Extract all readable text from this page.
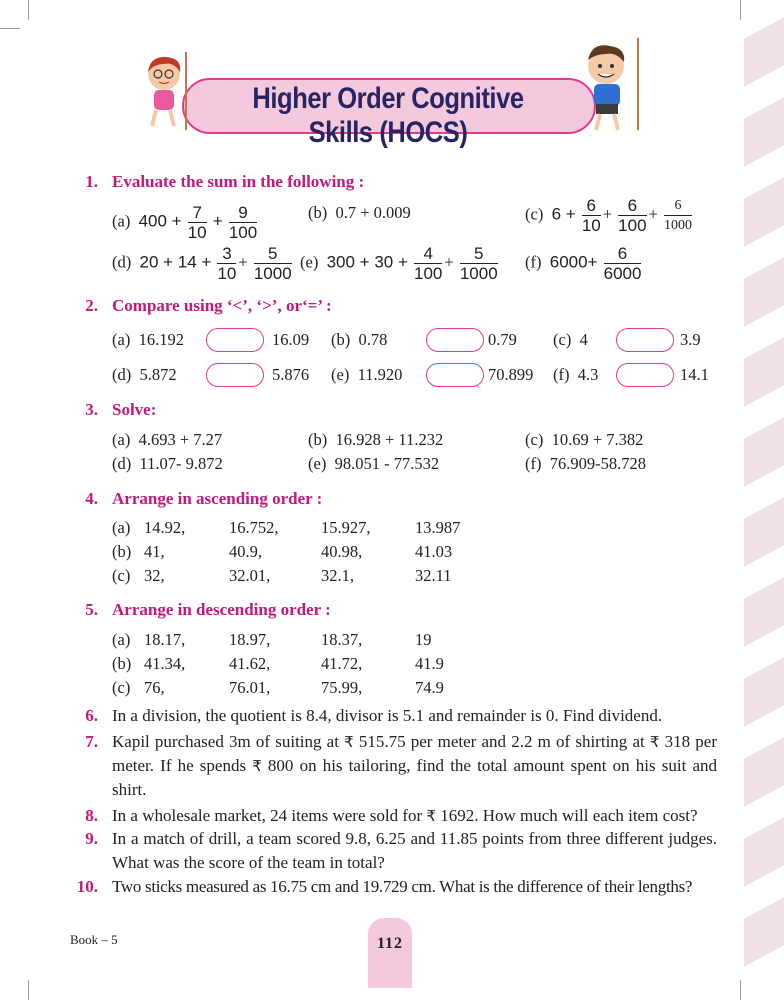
Higher Order Cognitive Skills (HOCS)
1. Evaluate the sum in the following :
(a) $400 + \frac{7}{10} + \frac{9}{100}$	(b) 0.7 + 0.009	(c) $6 + \frac{6}{10} + \frac{6}{100} + \frac{6}{1000}$
(d) $20 + 14 + \frac{3}{10} + \frac{5}{1000} (e) 300 + 30 + \frac{4}{100} + \frac{5}{1000} (f)$ $6000+ \frac{6}{6000}$
2. Compare using ‘<’, ‘>’, or‘=’ :
(a) 16.192	16.09 (b) 0.78	0.79 (c) 4	3.9
(d) 5.872	5.876 (e) 11.920	70.899 (f) 4.3	14.1
3. Solve:
(a) 4.693 + 7.27	(b) 16.928 + 11.232	(c) 10.69 + 7.382
(d) 11.07- 9.872	(e) 98.051 - 77.532	(f) 76.909-58.728
4. Arrange in ascending order :
(a) 14.92,	16.752,	15.927,	13.987
(b) 41,	40.9,	40.98,	41.03
(c) 32,	32.01,	32.1,	32.11
5. Arrange in descending order :
(a) 18.17,	18.97,	18.37,	19
(b) 41.34,	41.62,	41.72,	41.9
(c) 76,	76.01,	75.99,	74.9
6. In a division, the quotient is 8.4, divisor is 5.1 and remainder is 0. Find dividend.
7. Kapil purchased 3m of suiting at ₹ 515.75 per meter and 2.2 m of shirting at ₹ 318 per meter. If he spends ₹ 800 on his tailoring, find the total amount spent on his suit and shirt.
8. In a wholesale market, 24 items were sold for ₹ 1692. How much will each item cost?
9. In a match of drill, a team scored 9.8, 6.25 and 11.85 points from three different judges. What was the score of the team in total?
10. Two sticks measured as 16.75 cm and 19.729 cm. What is the difference of their lengths?
Book – 5	112
